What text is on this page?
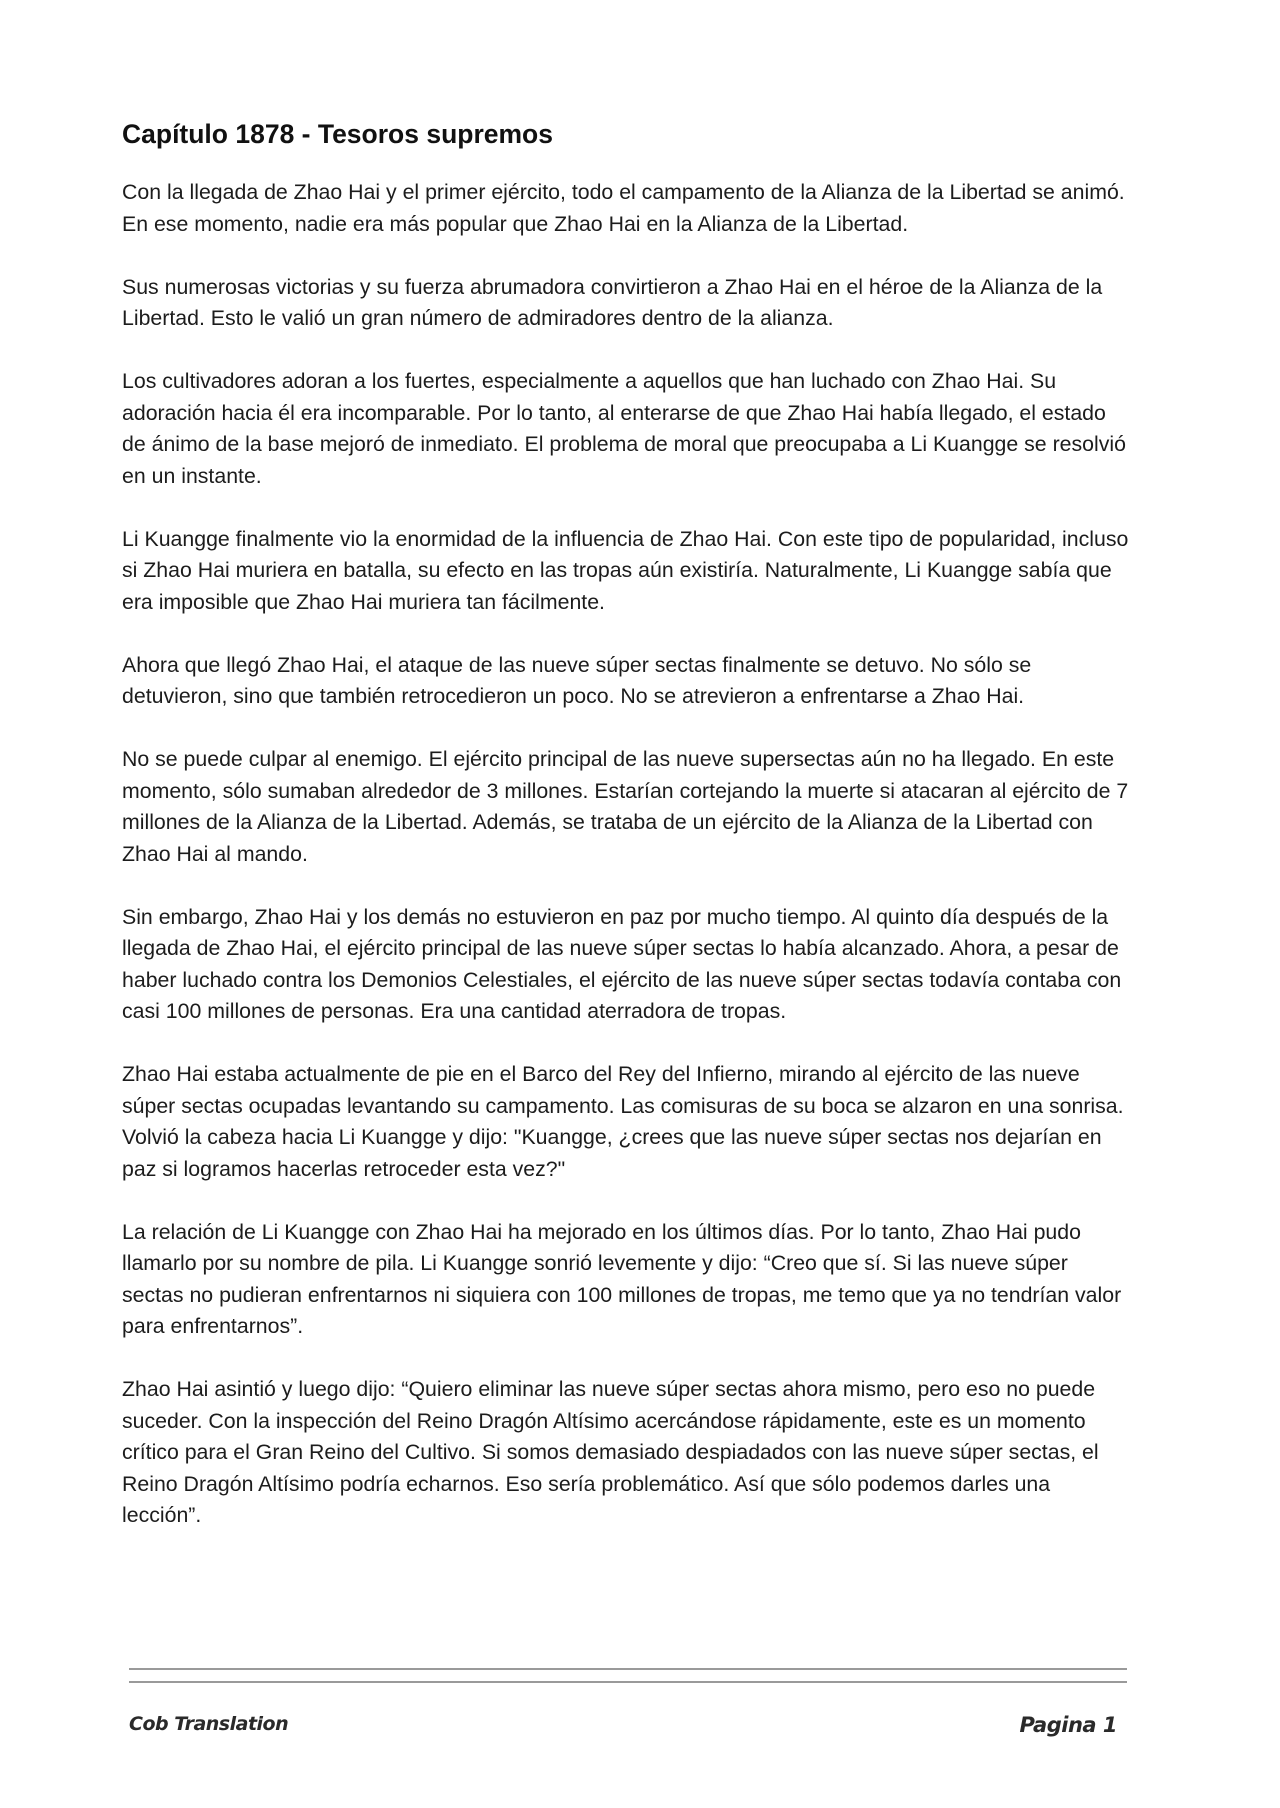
Capítulo 1878 - Tesoros supremos

Con la llegada de Zhao Hai y el primer ejército, todo el campamento de la Alianza de la Libertad se animó. En ese momento, nadie era más popular que Zhao Hai en la Alianza de la Libertad.

Sus numerosas victorias y su fuerza abrumadora convirtieron a Zhao Hai en el héroe de la Alianza de la Libertad. Esto le valió un gran número de admiradores dentro de la alianza.

Los cultivadores adoran a los fuertes, especialmente a aquellos que han luchado con Zhao Hai. Su adoración hacia él era incomparable. Por lo tanto, al enterarse de que Zhao Hai había llegado, el estado de ánimo de la base mejoró de inmediato. El problema de moral que preocupaba a Li Kuangge se resolvió en un instante.

Li Kuangge finalmente vio la enormidad de la influencia de Zhao Hai. Con este tipo de popularidad, incluso si Zhao Hai muriera en batalla, su efecto en las tropas aún existiría. Naturalmente, Li Kuangge sabía que era imposible que Zhao Hai muriera tan fácilmente.

Ahora que llegó Zhao Hai, el ataque de las nueve súper sectas finalmente se detuvo. No sólo se detuvieron, sino que también retrocedieron un poco. No se atrevieron a enfrentarse a Zhao Hai.

No se puede culpar al enemigo. El ejército principal de las nueve supersectas aún no ha llegado. En este momento, sólo sumaban alrededor de 3 millones. Estarían cortejando la muerte si atacaran al ejército de 7 millones de la Alianza de la Libertad. Además, se trataba de un ejército de la Alianza de la Libertad con Zhao Hai al mando.

Sin embargo, Zhao Hai y los demás no estuvieron en paz por mucho tiempo. Al quinto día después de la llegada de Zhao Hai, el ejército principal de las nueve súper sectas lo había alcanzado. Ahora, a pesar de haber luchado contra los Demonios Celestiales, el ejército de las nueve súper sectas todavía contaba con casi 100 millones de personas. Era una cantidad aterradora de tropas.

Zhao Hai estaba actualmente de pie en el Barco del Rey del Infierno, mirando al ejército de las nueve súper sectas ocupadas levantando su campamento. Las comisuras de su boca se alzaron en una sonrisa. Volvió la cabeza hacia Li Kuangge y dijo: "Kuangge, ¿crees que las nueve súper sectas nos dejarían en paz si logramos hacerlas retroceder esta vez?"

La relación de Li Kuangge con Zhao Hai ha mejorado en los últimos días. Por lo tanto, Zhao Hai pudo llamarlo por su nombre de pila. Li Kuangge sonrió levemente y dijo: “Creo que sí. Si las nueve súper sectas no pudieran enfrentarnos ni siquiera con 100 millones de tropas, me temo que ya no tendrían valor para enfrentarnos”.

Zhao Hai asintió y luego dijo: “Quiero eliminar las nueve súper sectas ahora mismo, pero eso no puede suceder. Con la inspección del Reino Dragón Altísimo acercándose rápidamente, este es un momento crítico para el Gran Reino del Cultivo. Si somos demasiado despiadados con las nueve súper sectas, el Reino Dragón Altísimo podría echarnos. Eso sería problemático. Así que sólo podemos darles una lección”.

Cob Translation	Pagina 1
